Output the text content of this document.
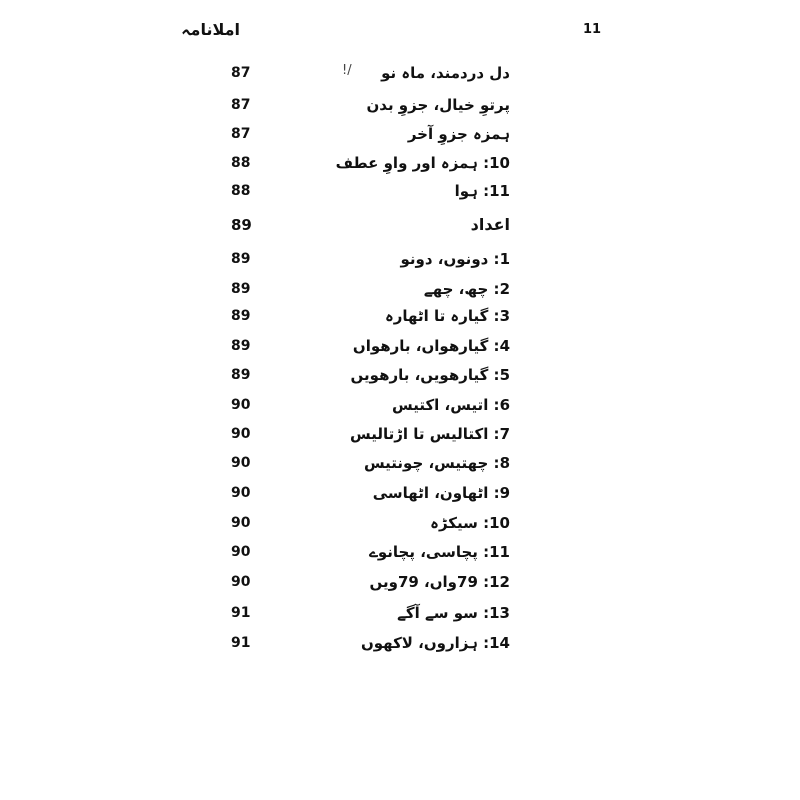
املانامہ	11
!/	دل دردمند، ماہ نو
87
پرتوِ خیال، جزوِ بدن
87
ہمزہ جزوِ آخر
87
10: ہمزہ اور واوِ عطف
88
11: ہوا
88
اعداد
89
1: دونوں، دونو
89
2: چھ، چھے
89
3: گیارہ تا اٹھارہ
89
4: گیارھواں، بارھواں
89
5: گیارھویں، بارھویں
89
6: اتیس، اکتیس
90
7: اکتالیس تا اڑتالیس
90
8: چھتیس، چونتیس
90
9: اٹھاون، اٹھاسی
90
10: سیکڑہ
90
11: پچاسی، پچانوے
90
12: 79واں، 79ویں
90
13: سو سے آگے
91
14: ہزاروں، لاکھوں
91
